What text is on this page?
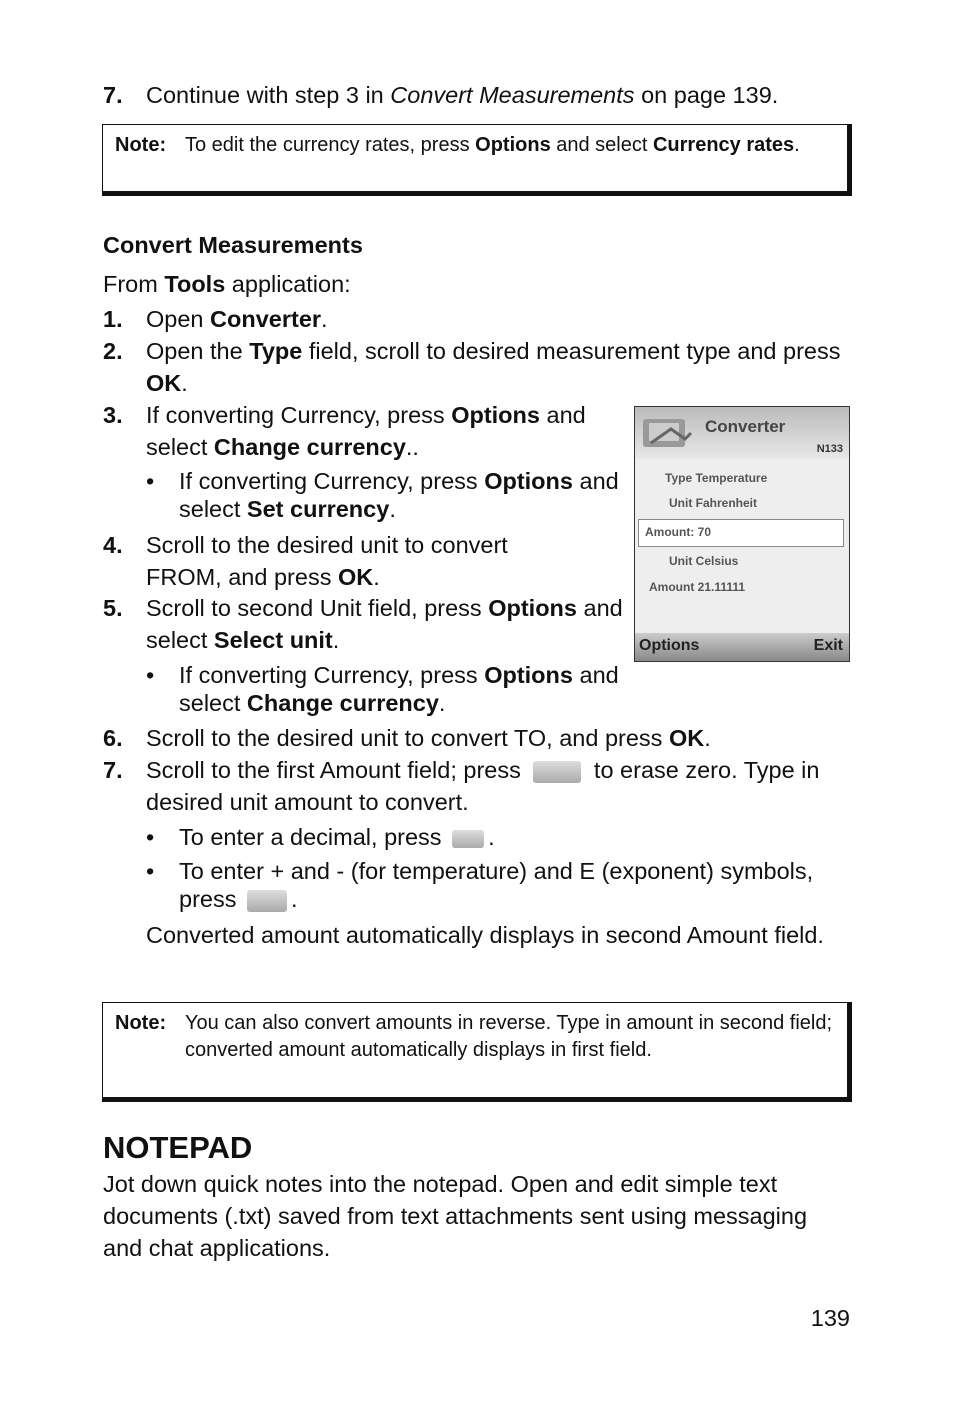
7. Continue with step 3 in Convert Measurements on page 139.
Note: To edit the currency rates, press Options and select Currency rates.
Convert Measurements
From Tools application:
1. Open Converter.
2. Open the Type field, scroll to desired measurement type and press OK.
3. If converting Currency, press Options and select Change currency..
• If converting Currency, press Options and select Set currency.
4. Scroll to the desired unit to convert FROM, and press OK.
5. Scroll to second Unit field, press Options and select Select unit.
• If converting Currency, press Options and select Change currency.
6. Scroll to the desired unit to convert TO, and press OK.
7. Scroll to the first Amount field; press	to erase zero. Type in desired unit amount to convert.
• To enter a decimal, press .
• To enter + and - (for temperature) and E (exponent) symbols, press .
Converted amount automatically displays in second Amount field.
Converter
N133
Type Temperature
Unit Fahrenheit
Amount: 70
Unit Celsius
Amount 21.11111
Options	Exit
Note: You can also convert amounts in reverse. Type in amount in second field; converted amount automatically displays in first field.
NOTEPAD
Jot down quick notes into the notepad. Open and edit simple text documents (.txt) saved from text attachments sent using messaging and chat applications.
139
